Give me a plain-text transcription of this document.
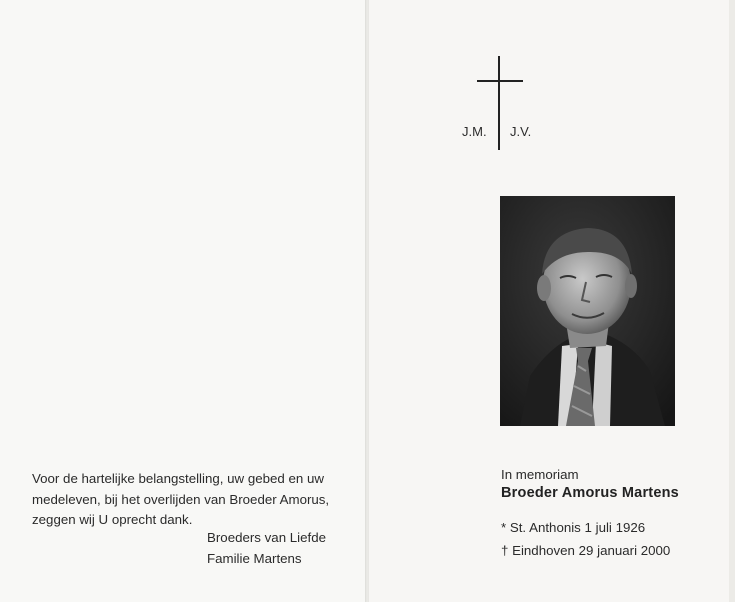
Voor de hartelijke belangstelling, uw gebed en uw

medeleven, bij het overlijden van Broeder Amorus,

zeggen wij U oprecht dank.

Broeders van Liefde
Familie Martens
J.M. J.V.
In memoriam
Broeder Amorus Martens
* St. Anthonis 1 juli 1926
† Eindhoven 29 januari 2000
